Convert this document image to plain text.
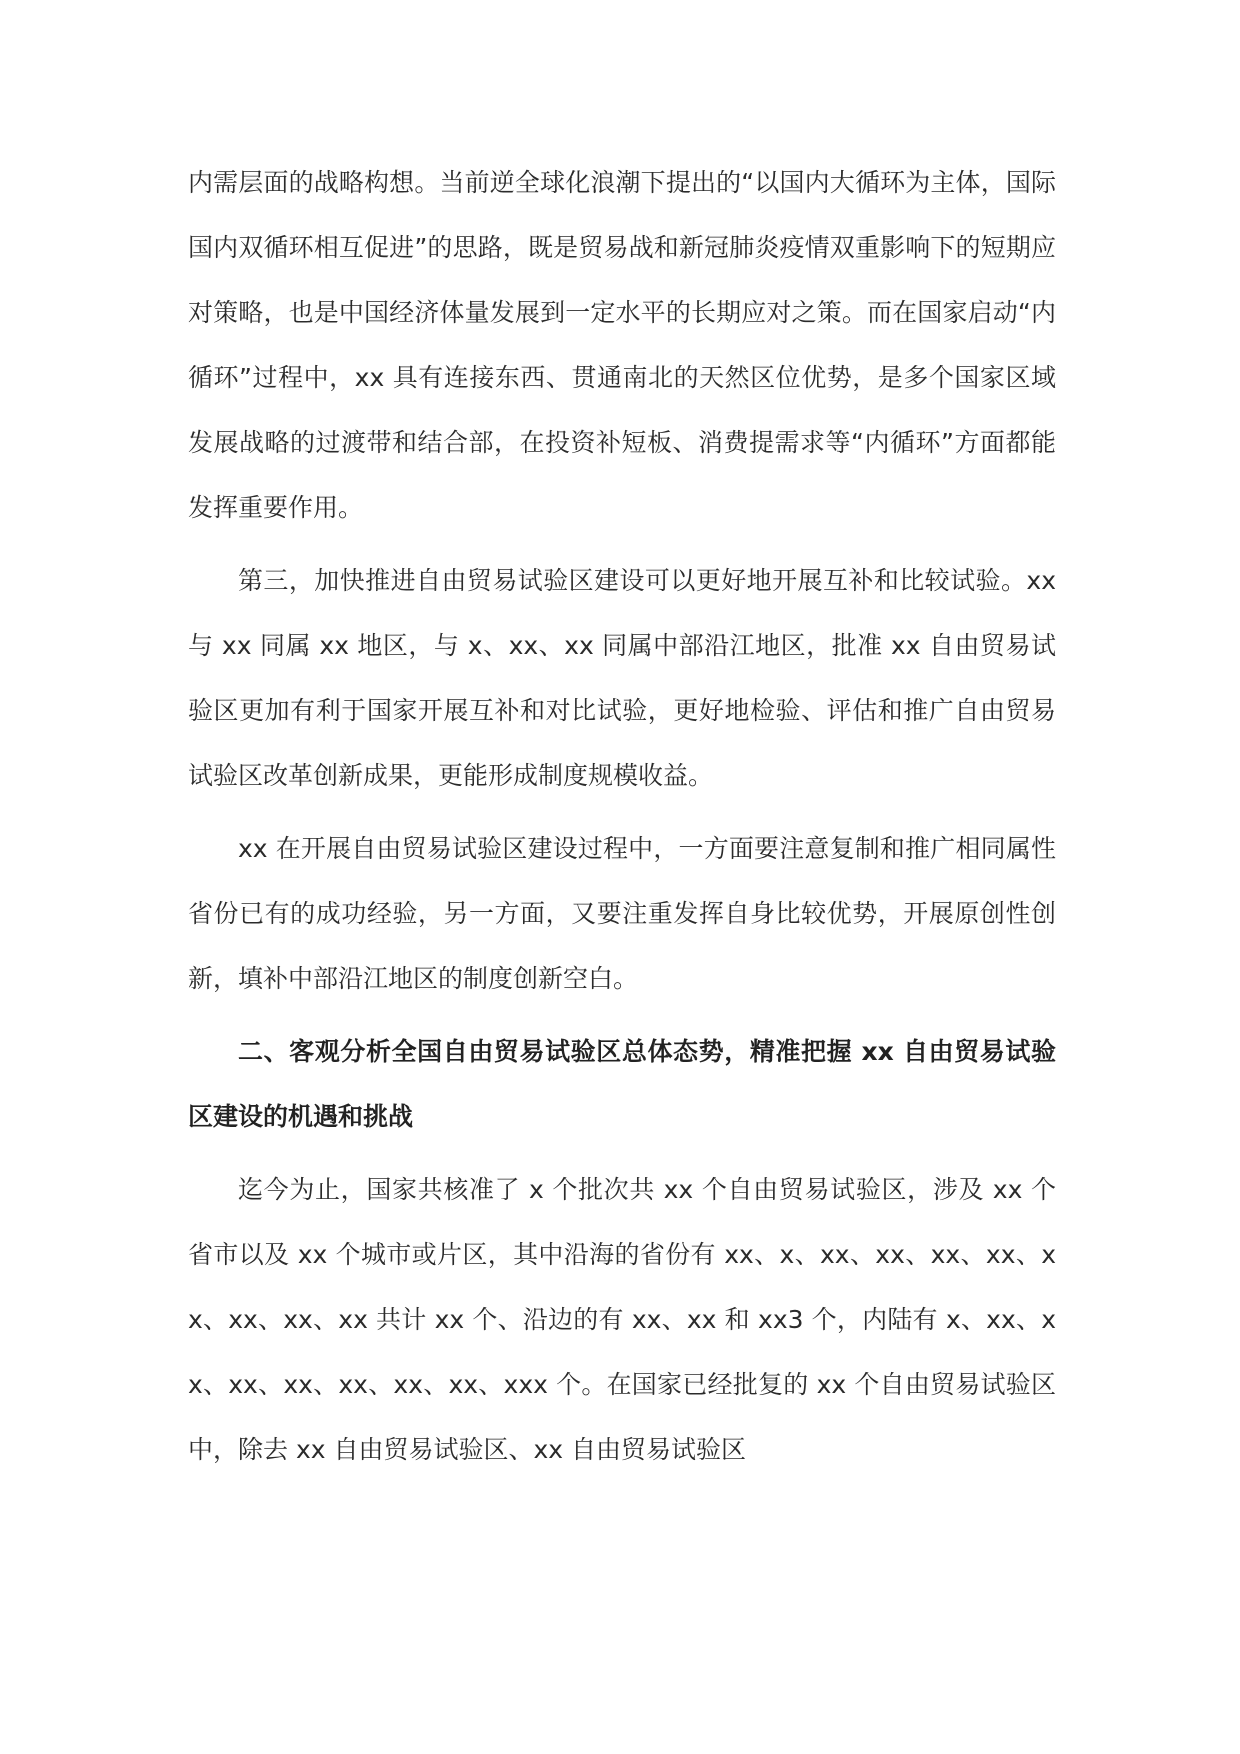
内需层面的战略构想。当前逆全球化浪潮下提出的“以国内大循环为主体，国际国内双循环相互促进”的思路，既是贸易战和新冠肺炎疫情双重影响下的短期应对策略，也是中国经济体量发展到一定水平的长期应对之策。而在国家启动“内循环”过程中，xx 具有连接东西、贯通南北的天然区位优势，是多个国家区域发展战略的过渡带和结合部，在投资补短板、消费提需求等“内循环”方面都能发挥重要作用。

第三，加快推进自由贸易试验区建设可以更好地开展互补和比较试验。xx 与 xx 同属 xx 地区，与 x、xx、xx 同属中部沿江地区，批准 xx 自由贸易试验区更加有利于国家开展互补和对比试验，更好地检验、评估和推广自由贸易试验区改革创新成果，更能形成制度规模收益。

xx 在开展自由贸易试验区建设过程中，一方面要注意复制和推广相同属性省份已有的成功经验，另一方面，又要注重发挥自身比较优势，开展原创性创新，填补中部沿江地区的制度创新空白。

二、客观分析全国自由贸易试验区总体态势，精准把握 xx 自由贸易试验区建设的机遇和挑战

迄今为止，国家共核准了 x 个批次共 xx 个自由贸易试验区，涉及 xx 个省市以及 xx 个城市或片区，其中沿海的省份有 xx、x、xx、xx、xx、xx、xx、xx、xx、xx 共计 xx 个、沿边的有 xx、xx 和 xx3 个，内陆有 x、xx、xx、xx、xx、xx、xx、xx、xxx 个。在国家已经批复的 xx 个自由贸易试验区中，除去 xx 自由贸易试验区、xx 自由贸易试验区
